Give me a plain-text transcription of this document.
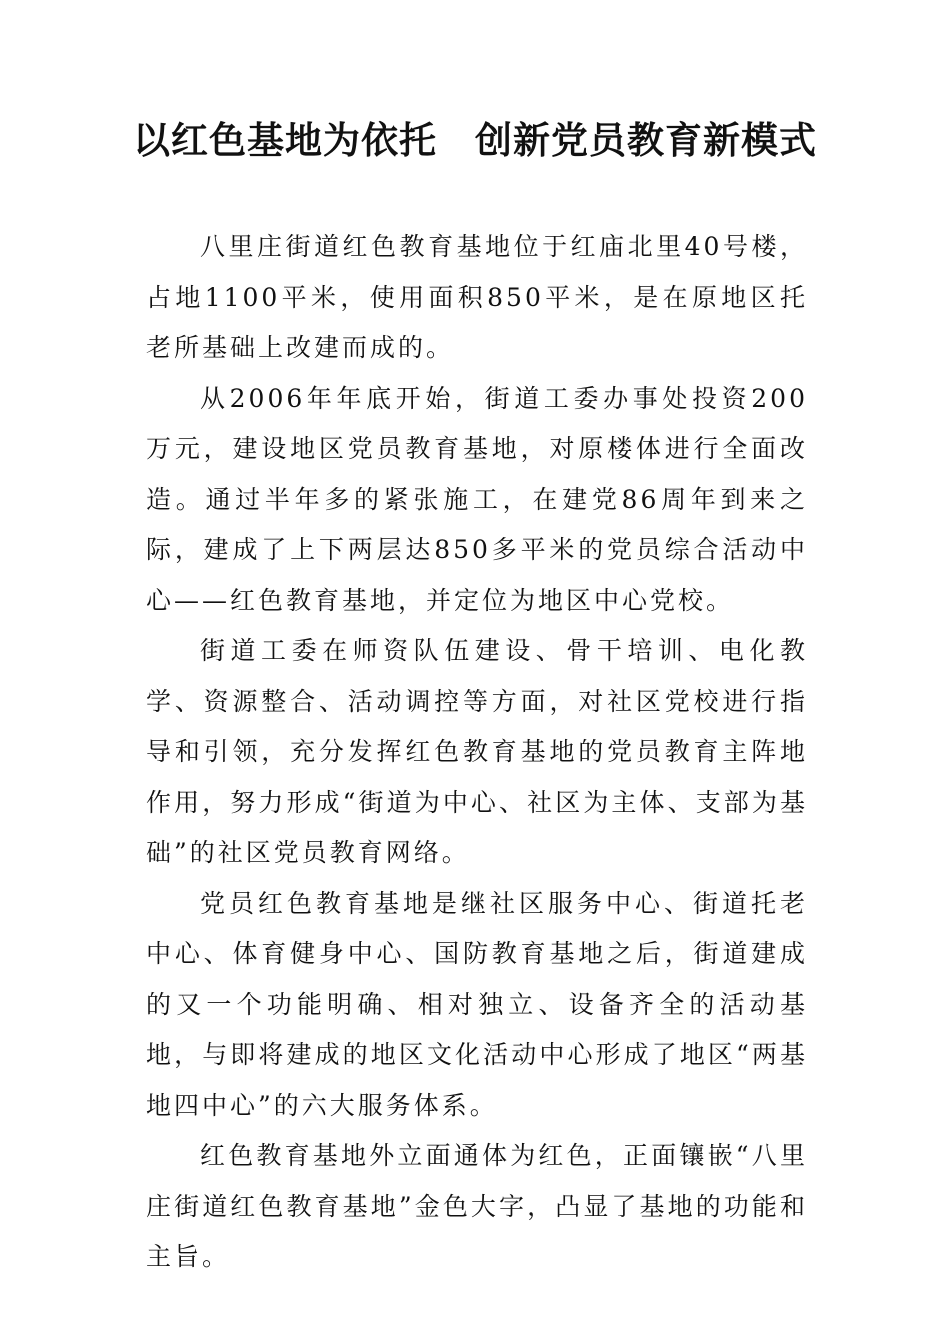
以红色基地为依托　创新党员教育新模式

八里庄街道红色教育基地位于红庙北里40号楼，占地1100平米，使用面积850平米，是在原地区托老所基础上改建而成的。

从2006年年底开始，街道工委办事处投资200万元，建设地区党员教育基地，对原楼体进行全面改造。通过半年多的紧张施工，在建党86周年到来之际，建成了上下两层达850多平米的党员综合活动中心——红色教育基地，并定位为地区中心党校。

街道工委在师资队伍建设、骨干培训、电化教学、资源整合、活动调控等方面，对社区党校进行指导和引领，充分发挥红色教育基地的党员教育主阵地作用，努力形成“街道为中心、社区为主体、支部为基础”的社区党员教育网络。

党员红色教育基地是继社区服务中心、街道托老中心、体育健身中心、国防教育基地之后，街道建成的又一个功能明确、相对独立、设备齐全的活动基地，与即将建成的地区文化活动中心形成了地区“两基地四中心”的六大服务体系。

红色教育基地外立面通体为红色，正面镶嵌“八里庄街道红色教育基地”金色大字，凸显了基地的功能和主旨。
